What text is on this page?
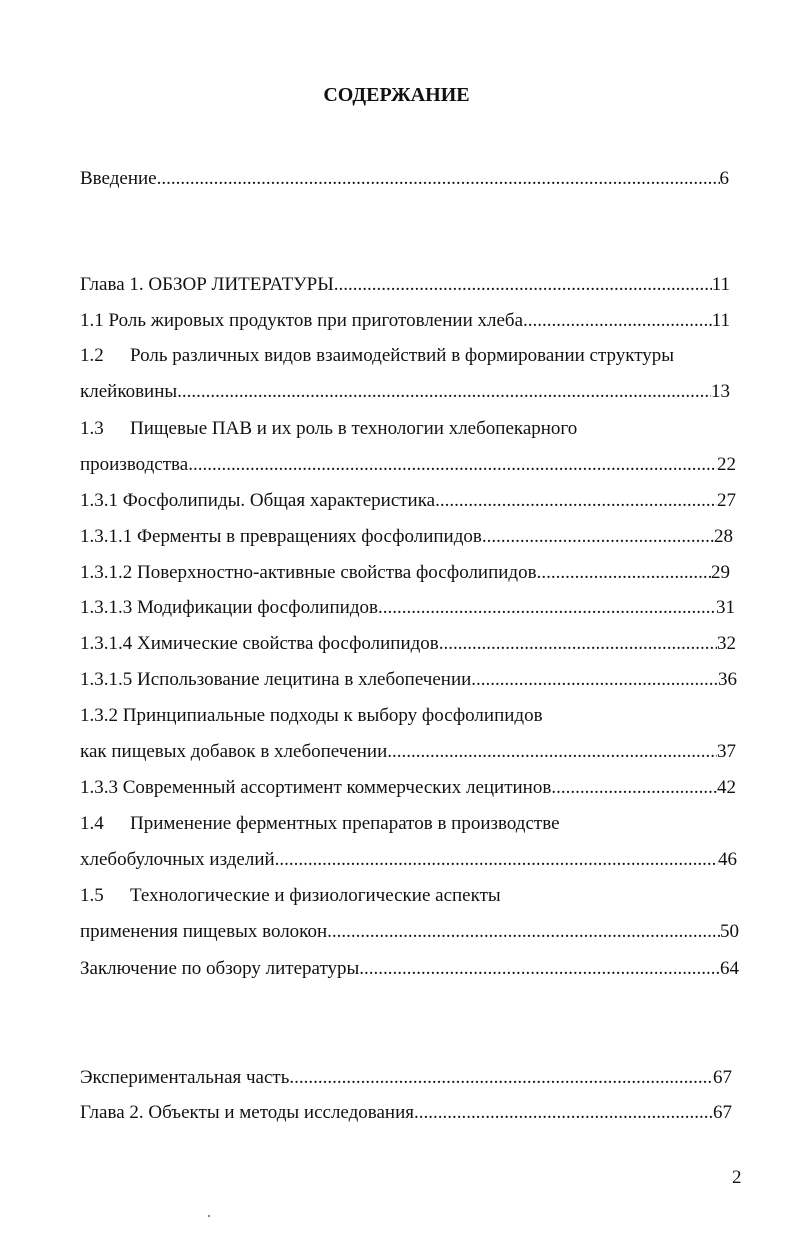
СОДЕРЖАНИЕ
Введение .....	6
Глава 1. ОБЗОР ЛИТЕРАТУРЫ .....	11
1.1 Роль жировых продуктов при приготовлении хлеба .....	11
1.2 Роль различных видов взаимодействий в формировании структуры
клейковины .....	13
1.3 Пищевые ПАВ и их роль в технологии хлебопекарного
производства .....	22
1.3.1 Фосфолипиды. Общая характеристика .....	27
1.3.1.1 Ферменты в превращениях фосфолипидов .....	28
1.3.1.2 Поверхностно-активные свойства фосфолипидов .....	29
1.3.1.3 Модификации фосфолипидов .....	31
1.3.1.4 Химические свойства фосфолипидов .....	32
1.3.1.5 Использование лецитина в хлебопечении .....	36
1.3.2 Принципиальные подходы к выбору фосфолипидов
как пищевых добавок в хлебопечении .....	37
1.3.3 Современный ассортимент коммерческих лецитинов .....	42
1.4 Применение ферментных препаратов в производстве
хлебобулочных изделий .....	46
1.5 Технологические и физиологические аспекты
применения пищевых волокон .....	50
Заключение по обзору литературы .....	64
Экспериментальная часть .....	67
Глава 2. Объекты и методы исследования .....	67
2
